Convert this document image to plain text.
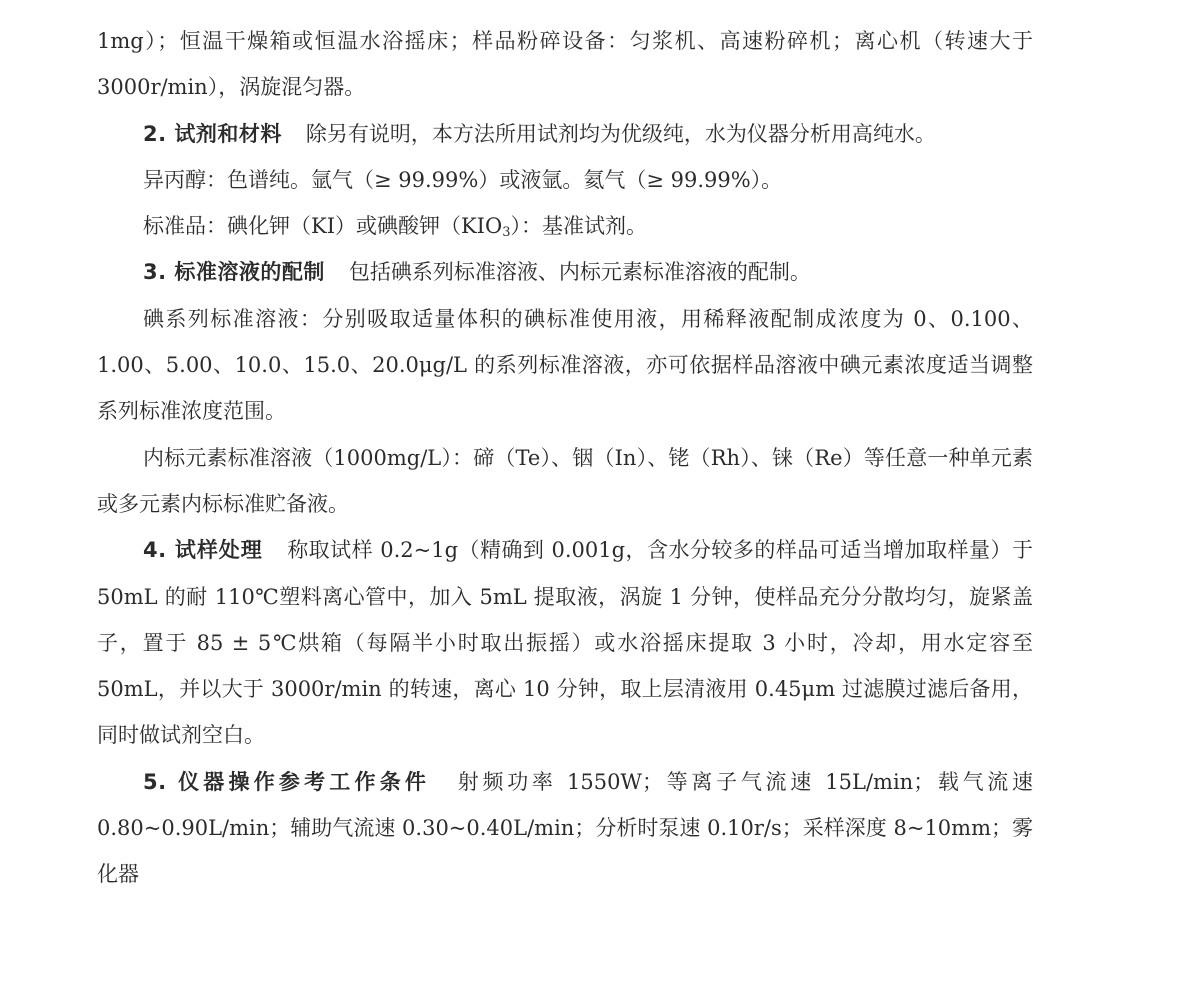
1mg）；恒温干燥箱或恒温水浴摇床；样品粉碎设备：匀浆机、高速粉碎机；离心机（转速大于 3000r/min），涡旋混匀器。

2. 试剂和材料 除另有说明，本方法所用试剂均为优级纯，水为仪器分析用高纯水。

异丙醇：色谱纯。氩气（≥ 99.99%）或液氩。氦气（≥ 99.99%）。

标准品：碘化钾（KI）或碘酸钾$(KIO_3)$：基准试剂。

3. 标准溶液的配制 包括碘系列标准溶液、内标元素标准溶液的配制。

碘系列标准溶液：分别吸取适量体积的碘标准使用液，用稀释液配制成浓度为 0、0.100、1.00、5.00、10.0、15.0、20.0μg/L 的系列标准溶液，亦可依据样品溶液中碘元素浓度适当调整系列标准浓度范围。

内标元素标准溶液（1000mg/L）：碲（Te）、铟（In）、铑（Rh）、铼（Re）等任意一种单元素或多元素内标标准贮备液。

4. 试样处理 称取试样 0.2~1g（精确到 0.001g，含水分较多的样品可适当增加取样量）于 50mL 的耐 110℃塑料离心管中，加入 5mL 提取液，涡旋 1 分钟，使样品充分分散均匀，旋紧盖子，置于 85 ± 5℃烘箱（每隔半小时取出振摇）或水浴摇床提取 3 小时，冷却，用水定容至 50mL，并以大于 3000r/min 的转速，离心 10 分钟，取上层清液用 0.45μm 过滤膜过滤后备用，同时做试剂空白。

5. 仪器操作参考工作条件 射频功率 1550W；等离子气流速 15L/min；载气流速 0.80~0.90L/min；辅助气流速 0.30~0.40L/min；分析时泵速 0.10r/s；采样深度 8~10mm；雾化器
